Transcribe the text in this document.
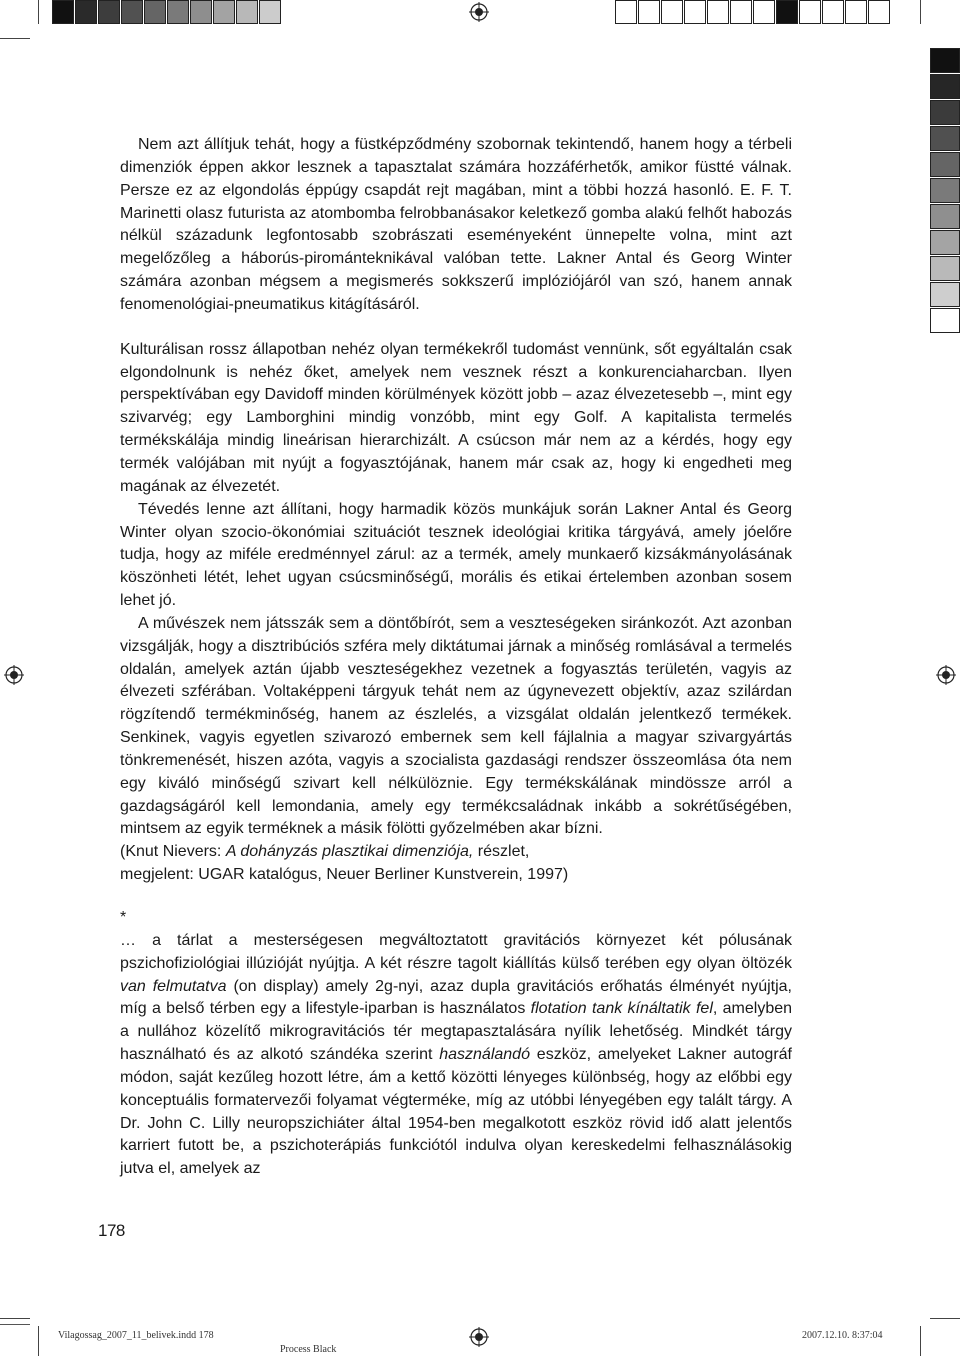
Nem azt állítjuk tehát, hogy a füstképződmény szobornak tekintendő, hanem hogy a térbeli dimenziók éppen akkor lesznek a tapasztalat számára hozzáférhetők, amikor füstté válnak. Persze ez az elgondolás éppúgy csapdát rejt magában, mint a többi hozzá hasonló. E. F. T. Marinetti olasz futurista az atombomba felrobbanásakor keletkező gomba alakú felhőt habozás nélkül századunk legfontosabb szobrászati eseményeként ünnepelte volna, mint azt megelőzőleg a háborús-pirománteknikával valóban tette. Lakner Antal és Georg Winter számára azonban mégsem a megismerés sokkszerű implóziójáról van szó, hanem annak fenomenológiai-pneumatikus kitágításáról.

Kulturálisan rossz állapotban nehéz olyan termékekről tudomást vennünk, sőt egyáltalán csak elgondolnunk is nehéz őket, amelyek nem vesznek részt a konkurenciaharcban. Ilyen perspektívában egy Davidoff minden körülmények között jobb – azaz élvezetesebb –, mint egy szivarvég; egy Lamborghini mindig vonzóbb, mint egy Golf. A kapitalista termelés termékskálája mindig lineárisan hierarchizált. A csúcson már nem az a kérdés, hogy egy termék valójában mit nyújt a fogyasztójának, hanem már csak az, hogy ki engedheti meg magának az élvezetét.

Tévedés lenne azt állítani, hogy harmadik közös munkájuk során Lakner Antal és Georg Winter olyan szocio-ökonómiai szituációt tesznek ideológiai kritika tárgyává, amely jóelőre tudja, hogy az miféle eredménnyel zárul: az a termék, amely munkaerő kizsákmányolásának köszönheti létét, lehet ugyan csúcsminőségű, morális és etikai értelemben azonban sosem lehet jó.

A művészek nem játsszák sem a döntőbírót, sem a veszteségeken siránkozót. Azt azonban vizsgálják, hogy a disztribúciós szféra mely diktátumai járnak a minőség romlásával a termelés oldalán, amelyek aztán újabb veszteségekhez vezetnek a fogyasztás területén, vagyis az élvezeti szférában. Voltaképpeni tárgyuk tehát nem az úgynevezett objektív, azaz szilárdan rögzítendő termékminőség, hanem az észlelés, a vizsgálat oldalán jelentkező termékek. Senkinek, vagyis egyetlen szivarozó embernek sem kell fájlalnia a magyar szivargyártás tönkremenését, hiszen azóta, vagyis a szocialista gazdasági rendszer összeomlása óta nem egy kiváló minőségű szivart kell nélkülöznie. Egy termékskálának mindössze arról a gazdagságáról kell lemondania, amely egy termékcsaládnak inkább a sokrétűségében, mintsem az egyik terméknek a másik fölötti győzelmében akar bízni.

(Knut Nievers: A dohányzás plasztikai dimenziója, részlet,

megjelent: UGAR katalógus, Neuer Berliner Kunstverein, 1997)

*

… a tárlat a mesterségesen megváltoztatott gravitációs környezet két pólusának pszichofiziológiai illúzióját nyújtja. A két részre tagolt kiállítás külső terében egy olyan öltözék van felmutatva (on display) amely 2g-nyi, azaz dupla gravitációs erőhatás élményét nyújtja, míg a belső térben egy a lifestyle-iparban is használatos flotation tank kínáltatik fel, amelyben a nullához közelítő mikrogravitációs tér megtapasztalására nyílik lehetőség. Mindkét tárgy használható és az alkotó szándéka szerint használandó eszköz, amelyeket Lakner autográf módon, saját kezűleg hozott létre, ám a kettő közötti lényeges különbség, hogy az előbbi egy konceptuális formatervezői folyamat végterméke, míg az utóbbi lényegében egy talált tárgy. A Dr. John C. Lilly neuropszichiáter által 1954-ben megalkotott eszköz rövid idő alatt jelentős karriert futott be, a pszichoterápiás funkciótól indulva olyan kereskedelmi felhasználásokig jutva el, amelyek az

178
Vilagossag_2007_11_belivek.indd 178
Process Black
2007.12.10. 8:37:04
